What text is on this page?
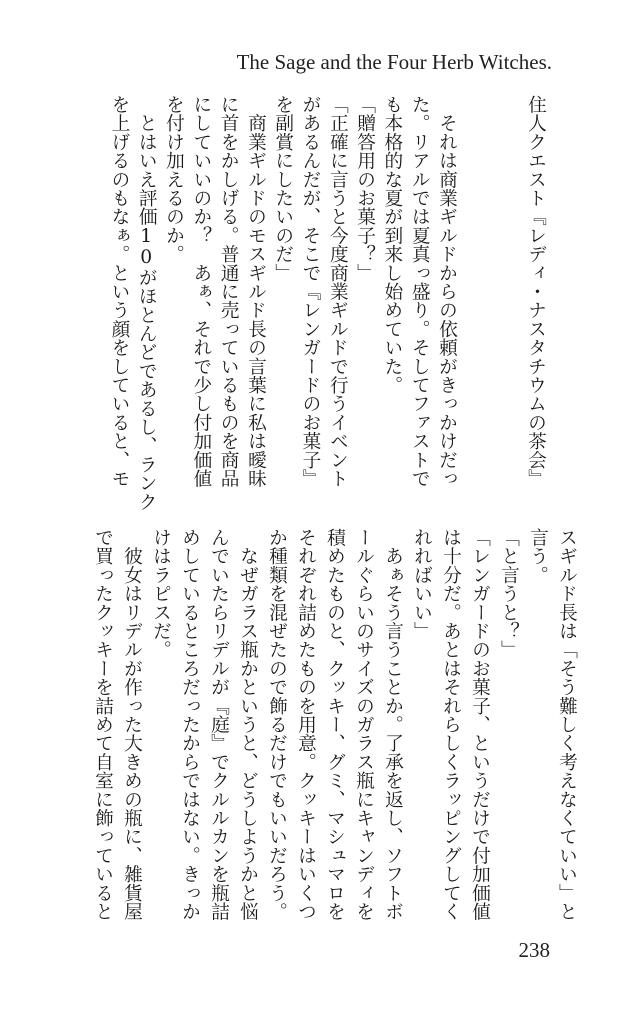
The Sage and the Four Herb Witches.
住人クエスト『レディ・ナスタチウムの茶会』
　それは商業ギルドからの依頼がきっかけだっ
た。リアルでは夏真っ盛り。そしてファストで
も本格的な夏が到来し始めていた。
「贈答用のお菓子？」
「正確に言うと今度商業ギルドで行うイベント
があるんだが、そこで『レンガードのお菓子』
を副賞にしたいのだ」
　商業ギルドのモスギルド長の言葉に私は曖昧
に首をかしげる。普通に売っているものを商品
にしていいのか？　あぁ、それで少し付加価値
を付け加えるのか。
　とはいえ評価10がほとんどであるし、ランク
を上げるのもなぁ。という顔をしていると、モ
スギルド長は「そう難しく考えなくていい」と
言う。
「と言うと？」
「レンガードのお菓子、というだけで付加価値
は十分だ。あとはそれらしくラッピングしてく
れればいい」
　あぁそう言うことか。了承を返し、ソフトボ
ールぐらいのサイズのガラス瓶にキャンディを
積めたものと、クッキー、グミ、マシュマロを
それぞれ詰めたものを用意。クッキーはいくつ
か種類を混ぜたので飾るだけでもいいだろう。
　なぜガラス瓶かというと、どうしようかと悩
んでいたらリデルが『庭』でクルルカンを瓶詰
めしているところだったからではない。きっか
けはラピスだ。
　彼女はリデルが作った大きめの瓶に、雑貨屋
で買ったクッキーを詰めて自室に飾っていると
238
